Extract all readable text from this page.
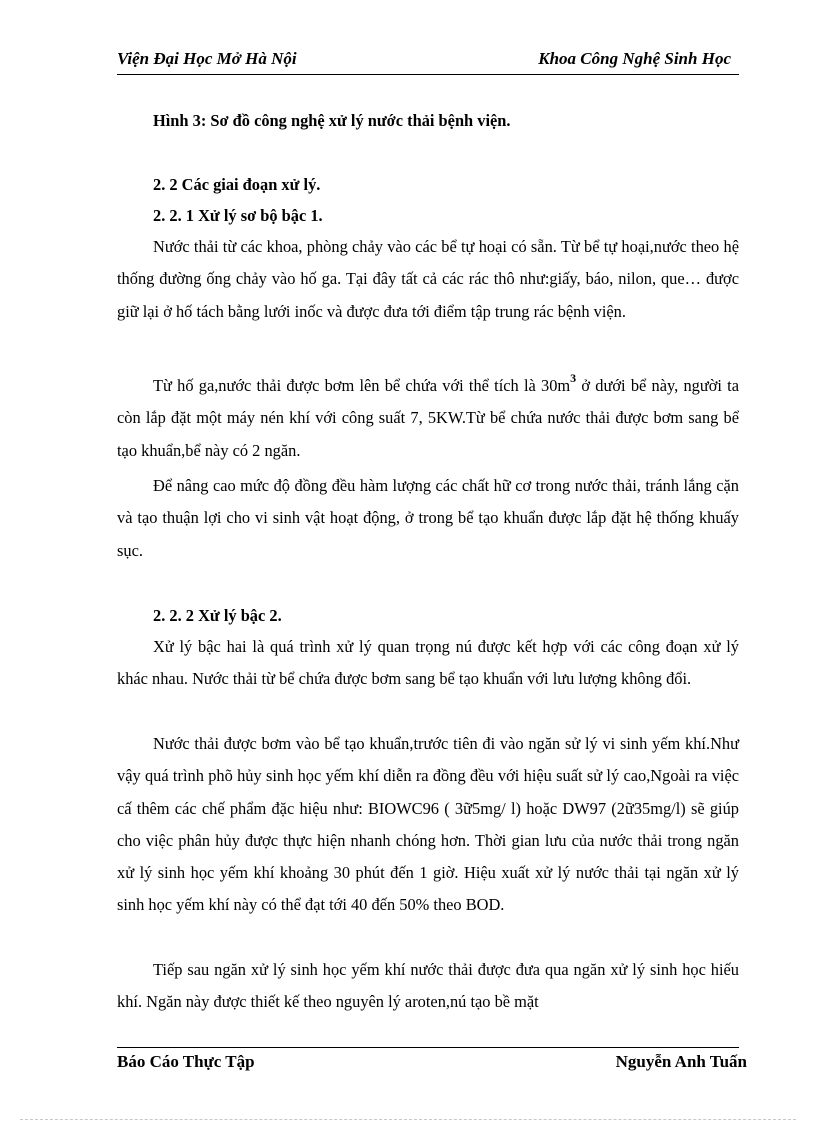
Viện Đại Học Mở Hà Nội	Khoa Công Nghệ Sinh Học
Hình 3: Sơ đồ công nghệ xử lý nước thải bệnh viện.
2. 2 Các giai đoạn xử lý.
2. 2. 1 Xử lý sơ bộ bậc 1.
Nước thải từ các khoa, phòng chảy vào các bể tự hoại có sẵn. Từ bể tự hoại,nước theo hệ thống đường ống chảy vào hố ga. Tại đây tất cả các rác thô như:giấy, báo, nilon, que… được giữ lại ở hố tách bằng lưới inốc và được đưa tới điểm tập trung rác bệnh viện.
Từ hố ga,nước thải được bơm lên bể chứa với thể tích là $30m^3$ ở dưới bể này, người ta còn lắp đặt một máy nén khí với công suất 7, 5KW.Từ bể chứa nước thải được bơm sang bể tạo khuẩn,bể này có 2 ngăn.
Để nâng cao mức độ đồng đều hàm lượng các chất hữ cơ trong nước thải, tránh lắng cặn và tạo thuận lợi cho vi sinh vật hoạt động, ở trong bể tạo khuẩn được lắp đặt hệ thống khuấy sục.
2. 2. 2 Xử lý bậc 2.
Xử lý bậc hai là quá trình xử lý quan trọng nú được kết hợp với các công đoạn xử lý khác nhau. Nước thải từ bể chứa được bơm sang bể tạo khuẩn với lưu lượng không đổi.
Nước thải được bơm vào bể tạo khuẩn,trước tiên đi vào ngăn sử lý vi sinh yếm khí.Như vậy quá trình phõ hủy sinh học yếm khí diễn ra đồng đều với hiệu suất sử lý cao,Ngoài ra việc cấ thêm các chế phẩm đặc hiệu như: BIOWC96 ( 3ữ5mg/ l) hoặc DW97 (2ữ35mg/l) sẽ giúp cho việc phân hủy được thực hiện nhanh chóng hơn. Thời gian lưu của nước thải trong ngăn xử lý sinh học yếm khí khoảng 30 phút đến 1 giờ. Hiệu xuất xử lý nước thải tại ngăn xử lý sinh học yếm khí này có thể đạt tới 40 đến 50% theo BOD.
Tiếp sau ngăn xử lý sinh học yếm khí nước thải được đưa qua ngăn xử lý sinh học hiếu khí. Ngăn này được thiết kế theo nguyên lý aroten,nú tạo bề mặt
Báo Cáo Thực Tập	Nguyễn Anh Tuấn
